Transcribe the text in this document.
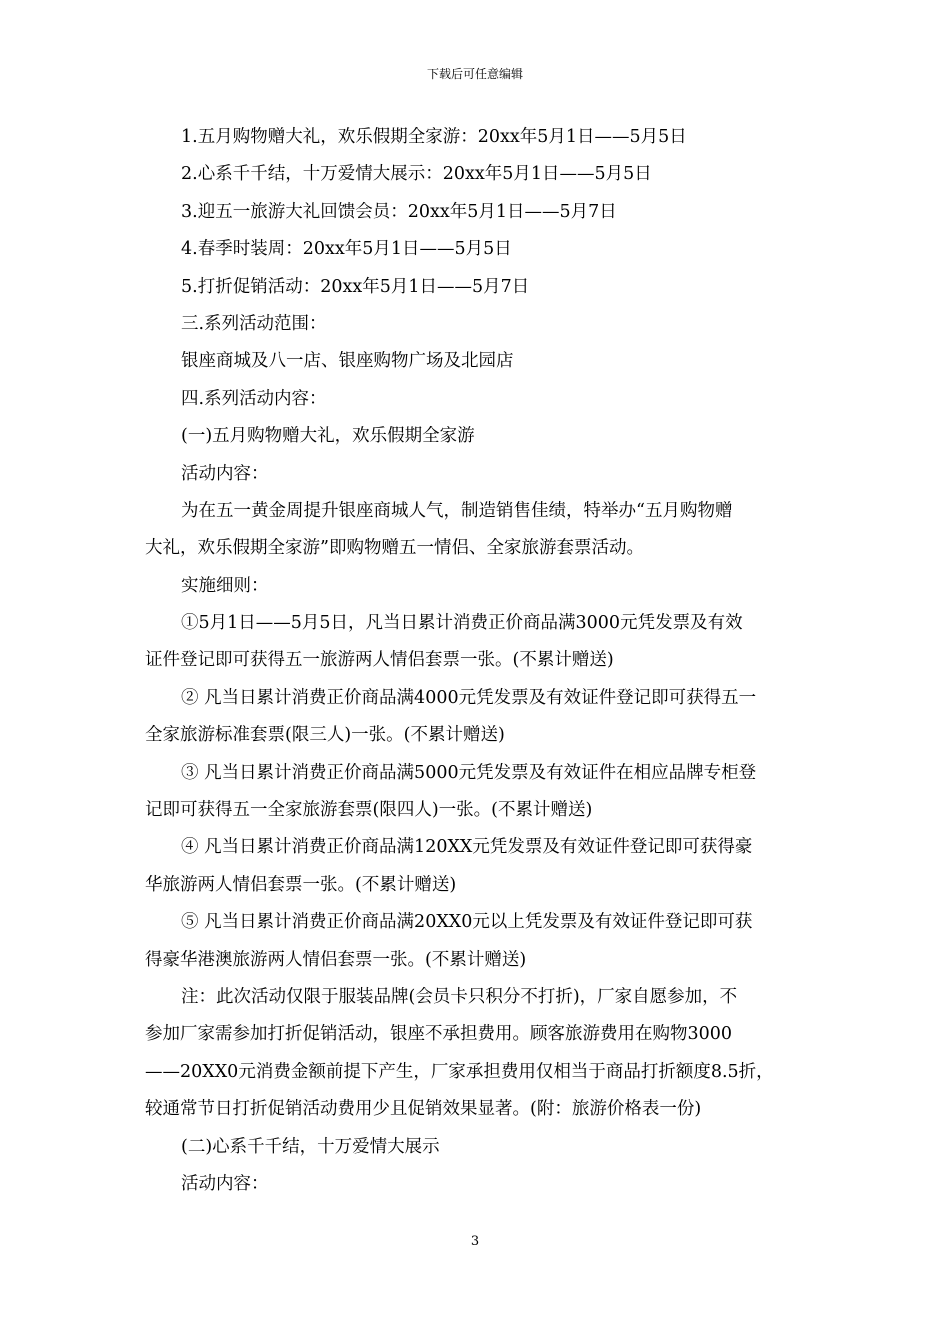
下载后可任意编辑
1.五月购物赠大礼，欢乐假期全家游：20xx年5月1日——5月5日
2.心系千千结，十万爱情大展示：20xx年5月1日——5月5日
3.迎五一旅游大礼回馈会员：20xx年5月1日——5月7日
4.春季时装周：20xx年5月1日——5月5日
5.打折促销活动：20xx年5月1日——5月7日
三.系列活动范围：
银座商城及八一店、银座购物广场及北园店
四.系列活动内容：
(一)五月购物赠大礼，欢乐假期全家游
活动内容：
为在五一黄金周提升银座商城人气，制造销售佳绩，特举办“五月购物赠
大礼，欢乐假期全家游”即购物赠五一情侣、全家旅游套票活动。
实施细则：
①5月1日——5月5日，凡当日累计消费正价商品满3000元凭发票及有效
证件登记即可获得五一旅游两人情侣套票一张。(不累计赠送)
② 凡当日累计消费正价商品满4000元凭发票及有效证件登记即可获得五一
全家旅游标准套票(限三人)一张。(不累计赠送)
③ 凡当日累计消费正价商品满5000元凭发票及有效证件在相应品牌专柜登
记即可获得五一全家旅游套票(限四人)一张。(不累计赠送)
④ 凡当日累计消费正价商品满120XX元凭发票及有效证件登记即可获得豪
华旅游两人情侣套票一张。(不累计赠送)
⑤ 凡当日累计消费正价商品满20XX0元以上凭发票及有效证件登记即可获
得豪华港澳旅游两人情侣套票一张。(不累计赠送)
注：此次活动仅限于服装品牌(会员卡只积分不打折)，厂家自愿参加，不
参加厂家需参加打折促销活动，银座不承担费用。顾客旅游费用在购物3000
——20XX0元消费金额前提下产生，厂家承担费用仅相当于商品打折额度8.5折，
较通常节日打折促销活动费用少且促销效果显著。(附：旅游价格表一份)
(二)心系千千结，十万爱情大展示
活动内容：
3
